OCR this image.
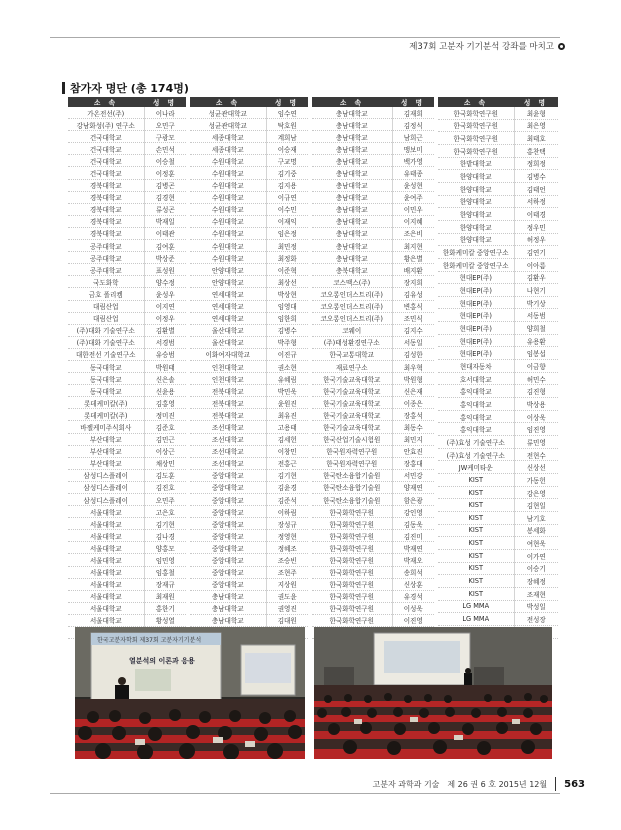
제37회 고분자 기기분석 강좌를 마치고
참가자 명단 (총 174명)
소 속	성 명
가온전선(주)	이나라
강남화성(주) 연구소	오민구
건국대학교	구광모
건국대학교	손민석
건국대학교	이승철
건국대학교	이정훈
경북대학교	김병곤
경북대학교	김경현
경북대학교	류성곤
경북대학교	박재일
경북대학교	이태관
공주대학교	김여훈
공주대학교	박상준
공주대학교	표성원
국도화학	양수정
금호 폴리켐	윤성우
대림산업	이지연
대림산업	이정우
(주)대화 기술연구소	김환별
(주)대화 기술연구소	서경범
대한전선 기술연구소	유승범
동국대학교	박원태
동국대학교	신은솔
동국대학교	신윤용
롯데케미칼(주)	김홍영
롯데케미칼(주)	정미진
바젤케미주식회사	김준호
부산대학교	김민근
부산대학교	이상근
부산대학교	채상민
삼성디스플레이	김도훈
삼성디스플레이	김진호
삼성디스플레이	오민주
서울대학교	고은호
서울대학교	김기현
서울대학교	김나경
서울대학교	양홍모
서울대학교	임민영
서울대학교	임홍철
서울대학교	장재규
서울대학교	최재원
서울대학교	홍한기
서울대학교	황성열

소 속	성 명
성균관대학교	임수연
성균관대학교	탁호원
세종대학교	계희남
세종대학교	이승재
수원대학교	구교명
수원대학교	김기중
수원대학교	김지용
수원대학교	이규연
수원대학교	이수민
수원대학교	이재익
수원대학교	임은정
수원대학교	최민정
수원대학교	최정화
안양대학교	이준혁
안양대학교	최상선
연세대학교	박상현
연세대학교	임영대
연세대학교	임한희
울산대학교	김병수
울산대학교	박주형
이화여자대학교	이진규
인천대학교	권소현
인천대학교	유혜림
전북대학교	박민욱
전북대학교	윤원진
전북대학교	최유진
조선대학교	고용태
조선대학교	김세헌
조선대학교	이창민
조선대학교	전홍근
중앙대학교	김기현
중앙대학교	김윤경
중앙대학교	김준석
중앙대학교	이하림
중앙대학교	장성규
중앙대학교	정영현
중앙대학교	정혜조
중앙대학교	조승빈
중앙대학교	조현주
중앙대학교	지상원
충남대학교	권도윤
충남대학교	권영진
충남대학교	김대원

소 속	성 명
충남대학교	김재희
충남대학교	김정식
충남대학교	남희근
충남대학교	맹보미
충남대학교	백가영
충남대학교	유태종
충남대학교	윤성현
충남대학교	윤여주
충남대학교	이민우
충남대학교	이지혜
충남대학교	조은비
충남대학교	최지현
충남대학교	황은별
충북대학교	배지환
코스맥스(주)	장지희
코오롱인더스트리(주)	김유성
코오롱인더스트리(주)	변홍식
코오롱인더스트리(주)	조민식
코웨이	김지수
(주)태성환경연구소	서동일
한국교통대학교	김성한
재료연구소	최우혁
한국기술교육대학교	박원형
한국기술교육대학교	신은재
한국기술교육대학교	이종은
한국기술교육대학교	장홍석
한국기술교육대학교	최동수
한국산업기술시험원	최민지
한국원자력연구원	안효진
한국원자력연구원	장홍대
한국탄소융합기술원	서민강
한국탄소융합기술원	양재연
한국탄소융합기술원	함은광
한국화학연구원	강인영
한국화학연구원	김동욱
한국화학연구원	김진미
한국화학연구원	박재연
한국화학연구원	박재오
한국화학연구원	송희석
한국화학연구원	신상훈
한국화학연구원	유경석
한국화학연구원	이성욱
한국화학연구원	이진영

소 속	성 명
한국화학연구원	최윤형
한국화학연구원	최은영
한국화학연구원	최태호
한국화학연구원	홍찬택
한밭대학교	정희정
한양대학교	김병수
한양대학교	김태언
한양대학교	서하정
한양대학교	이태경
한양대학교	정우민
한양대학교	허정우
한화케미칼 중앙연구소	김연기
한화케미칼 중앙연구소	이아름
현대EP(주)	김환우
현대EP(주)	나현기
현대EP(주)	박기상
현대EP(주)	서동범
현대EP(주)	양희철
현대EP(주)	유용환
현대EP(주)	임봉섭
현대자동차	이금향
호서대학교	허민수
홍익대학교	김진형
홍익대학교	박상용
홍익대학교	이상욱
홍익대학교	임진영
(주)효성 기술연구소	류민영
(주)효성 기술연구소	전현수
JW케미타운	신상선
KIST	가동헌
KIST	강은영
KIST	김현일
KIST	남기호
KIST	봉세화
KIST	여현욱
KIST	이가연
KIST	이승기
KIST	장혜정
KIST	조재현
LG MMA	박성일
LG MMA	전성장

한국고분자학회 제37회 고분자기기분석
열분석의 이론과 응용
고분자 과학과 기술 제 26 권 6 호 2015년 12월 563
